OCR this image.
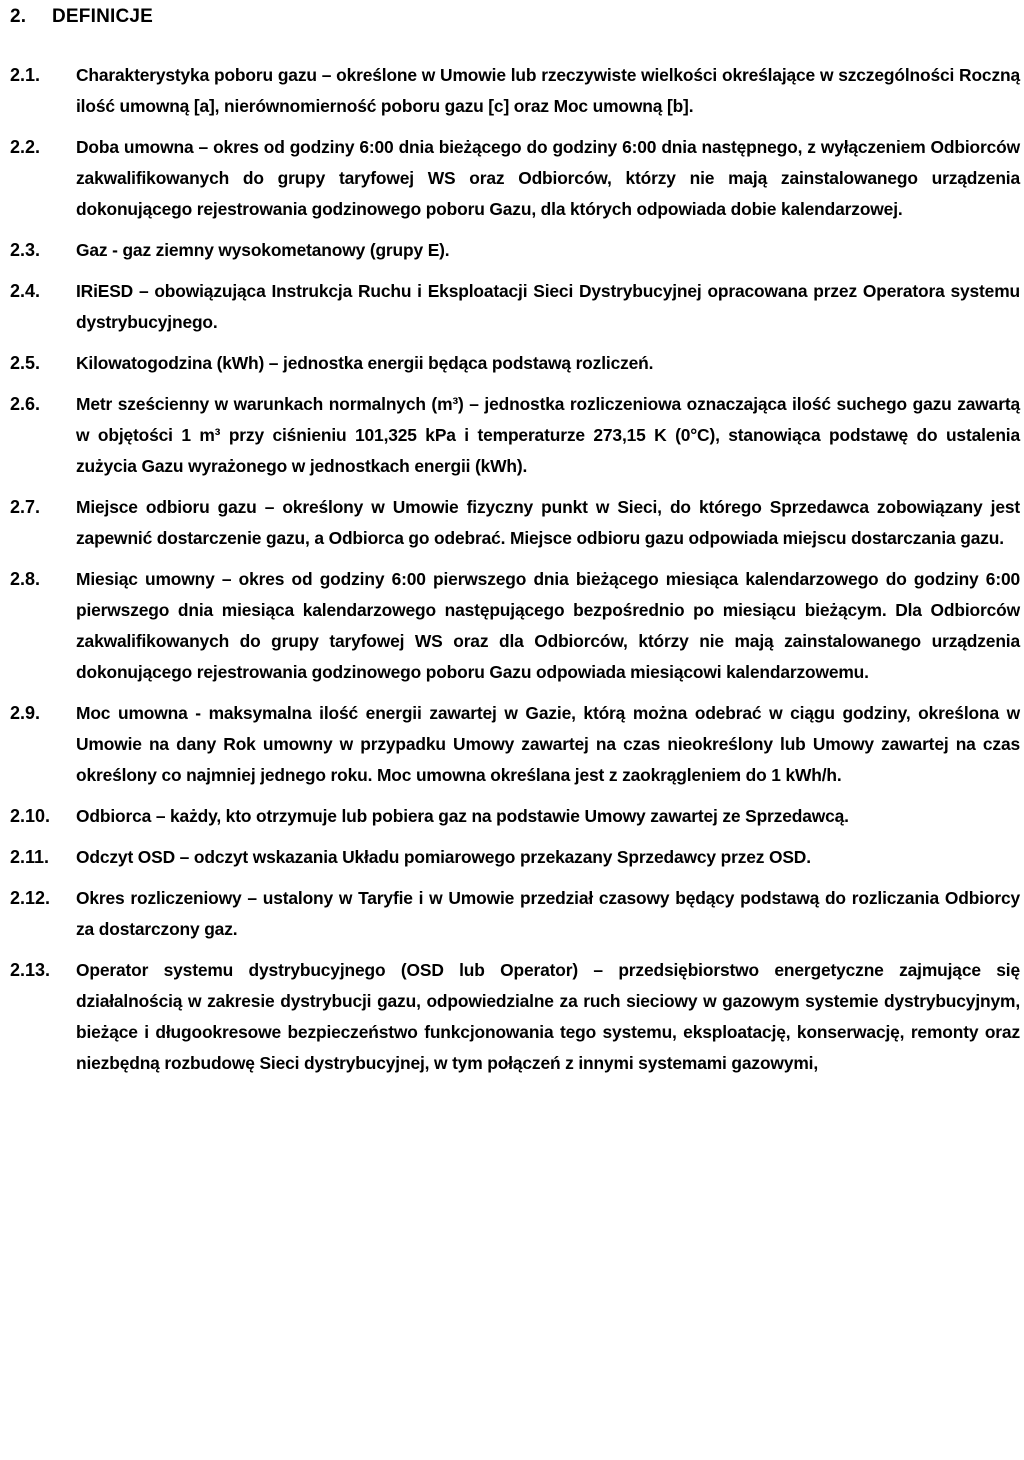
2. DEFINICJE
2.1.	Charakterystyka poboru gazu – określone w Umowie lub rzeczywiste wielkości określające w szczególności Roczną ilość umowną [a], nierównomierność poboru gazu [c] oraz Moc umowną [b].
2.2.	Doba umowna – okres od godziny 6:00 dnia bieżącego do godziny 6:00 dnia następnego, z wyłączeniem Odbiorców zakwalifikowanych do grupy taryfowej WS oraz Odbiorców, którzy nie mają zainstalowanego urządzenia dokonującego rejestrowania godzinowego poboru Gazu, dla których odpowiada dobie kalendarzowej.
2.3.	Gaz - gaz ziemny wysokometanowy (grupy E).
2.4.	IRiESD – obowiązująca Instrukcja Ruchu i Eksploatacji Sieci Dystrybucyjnej opracowana przez Operatora systemu dystrybucyjnego.
2.5.	Kilowatogodzina (kWh) – jednostka energii będąca podstawą rozliczeń.
2.6.	Metr sześcienny w warunkach normalnych (m³) – jednostka rozliczeniowa oznaczająca ilość suchego gazu zawartą w objętości 1 m³ przy ciśnieniu 101,325 kPa i temperaturze 273,15 K (0°C), stanowiąca podstawę do ustalenia zużycia Gazu wyrażonego w jednostkach energii (kWh).
2.7.	Miejsce odbioru gazu – określony w Umowie fizyczny punkt w Sieci, do którego Sprzedawca zobowiązany jest zapewnić dostarczenie gazu, a Odbiorca go odebrać. Miejsce odbioru gazu odpowiada miejscu dostarczania gazu.
2.8.	Miesiąc umowny – okres od godziny 6:00 pierwszego dnia bieżącego miesiąca kalendarzowego do godziny 6:00 pierwszego dnia miesiąca kalendarzowego następującego bezpośrednio po miesiącu bieżącym. Dla Odbiorców zakwalifikowanych do grupy taryfowej WS oraz dla Odbiorców, którzy nie mają zainstalowanego urządzenia dokonującego rejestrowania godzinowego poboru Gazu odpowiada miesiącowi kalendarzowemu.
2.9.	Moc umowna - maksymalna ilość energii zawartej w Gazie, którą można odebrać w ciągu godziny, określona w Umowie na dany Rok umowny w przypadku Umowy zawartej na czas nieokreślony lub Umowy zawartej na czas określony co najmniej jednego roku. Moc umowna określana jest z zaokrągleniem do 1 kWh/h.
2.10.	Odbiorca – każdy, kto otrzymuje lub pobiera gaz na podstawie Umowy zawartej ze Sprzedawcą.
2.11.	Odczyt OSD – odczyt wskazania Układu pomiarowego przekazany Sprzedawcy przez OSD.
2.12.	Okres rozliczeniowy – ustalony w Taryfie i w Umowie przedział czasowy będący podstawą do rozliczania Odbiorcy za dostarczony gaz.
2.13.	Operator systemu dystrybucyjnego (OSD lub Operator) – przedsiębiorstwo energetyczne zajmujące się działalnością w zakresie dystrybucji gazu, odpowiedzialne za ruch sieciowy w gazowym systemie dystrybucyjnym, bieżące i długookresowe bezpieczeństwo funkcjonowania tego systemu, eksploatację, konserwację, remonty oraz niezbędną rozbudowę Sieci dystrybucyjnej, w tym połączeń z innymi systemami gazowymi,
